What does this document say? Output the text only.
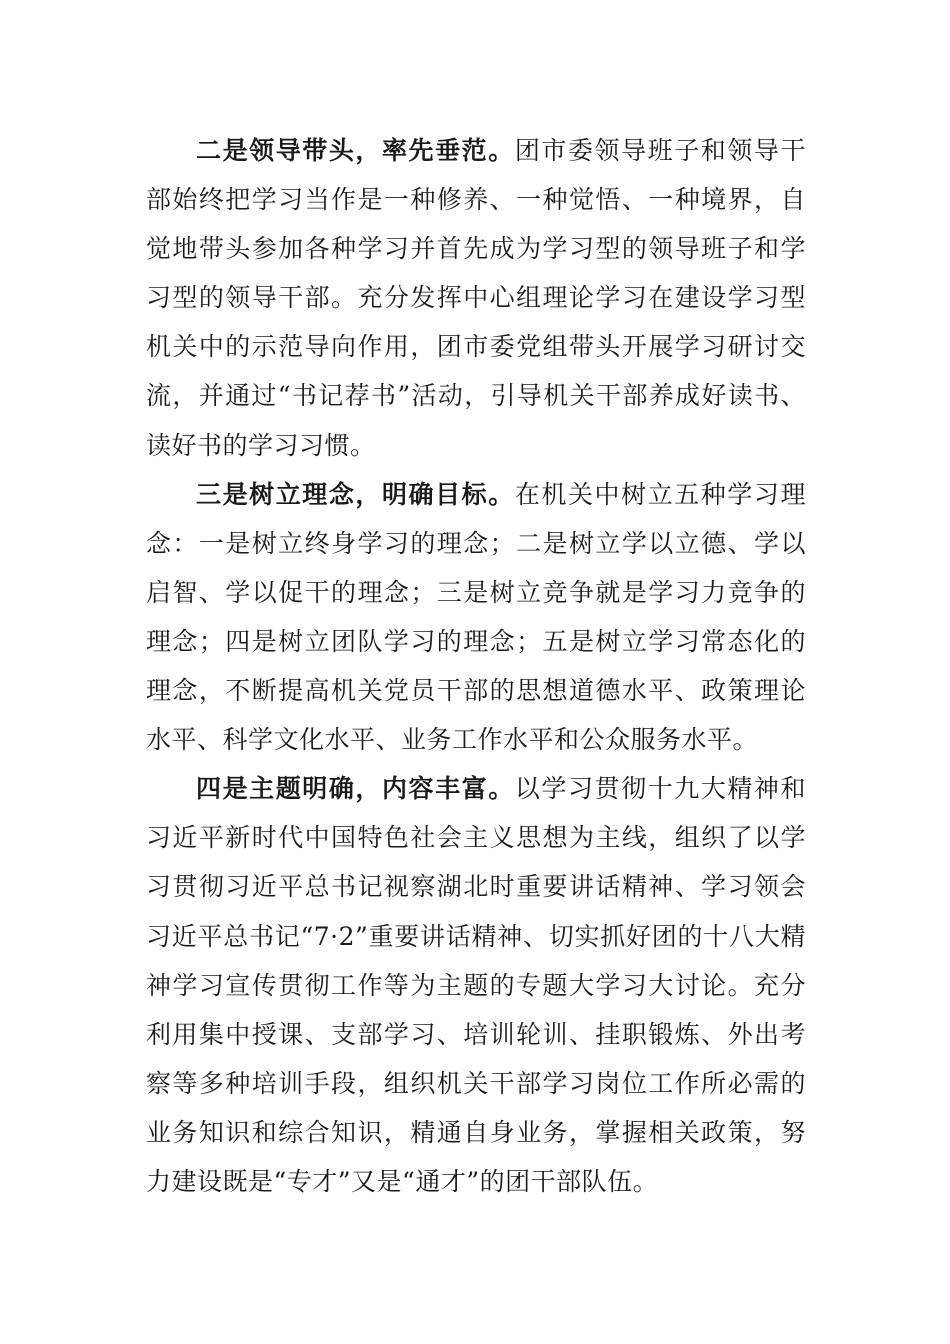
二是领导带头，率先垂范。团市委领导班子和领导干部始终把学习当作是一种修养、一种觉悟、一种境界，自觉地带头参加各种学习并首先成为学习型的领导班子和学习型的领导干部。充分发挥中心组理论学习在建设学习型机关中的示范导向作用，团市委党组带头开展学习研讨交流，并通过“书记荐书”活动，引导机关干部养成好读书、读好书的学习习惯。

三是树立理念，明确目标。在机关中树立五种学习理念：一是树立终身学习的理念；二是树立学以立德、学以启智、学以促干的理念；三是树立竞争就是学习力竞争的理念；四是树立团队学习的理念；五是树立学习常态化的理念，不断提高机关党员干部的思想道德水平、政策理论水平、科学文化水平、业务工作水平和公众服务水平。

四是主题明确，内容丰富。以学习贯彻十九大精神和习近平新时代中国特色社会主义思想为主线，组织了以学习贯彻习近平总书记视察湖北时重要讲话精神、学习领会习近平总书记“7·2”重要讲话精神、切实抓好团的十八大精神学习宣传贯彻工作等为主题的专题大学习大讨论。充分利用集中授课、支部学习、培训轮训、挂职锻炼、外出考察等多种培训手段，组织机关干部学习岗位工作所必需的业务知识和综合知识，精通自身业务，掌握相关政策，努力建设既是“专才”又是“通才”的团干部队伍。
